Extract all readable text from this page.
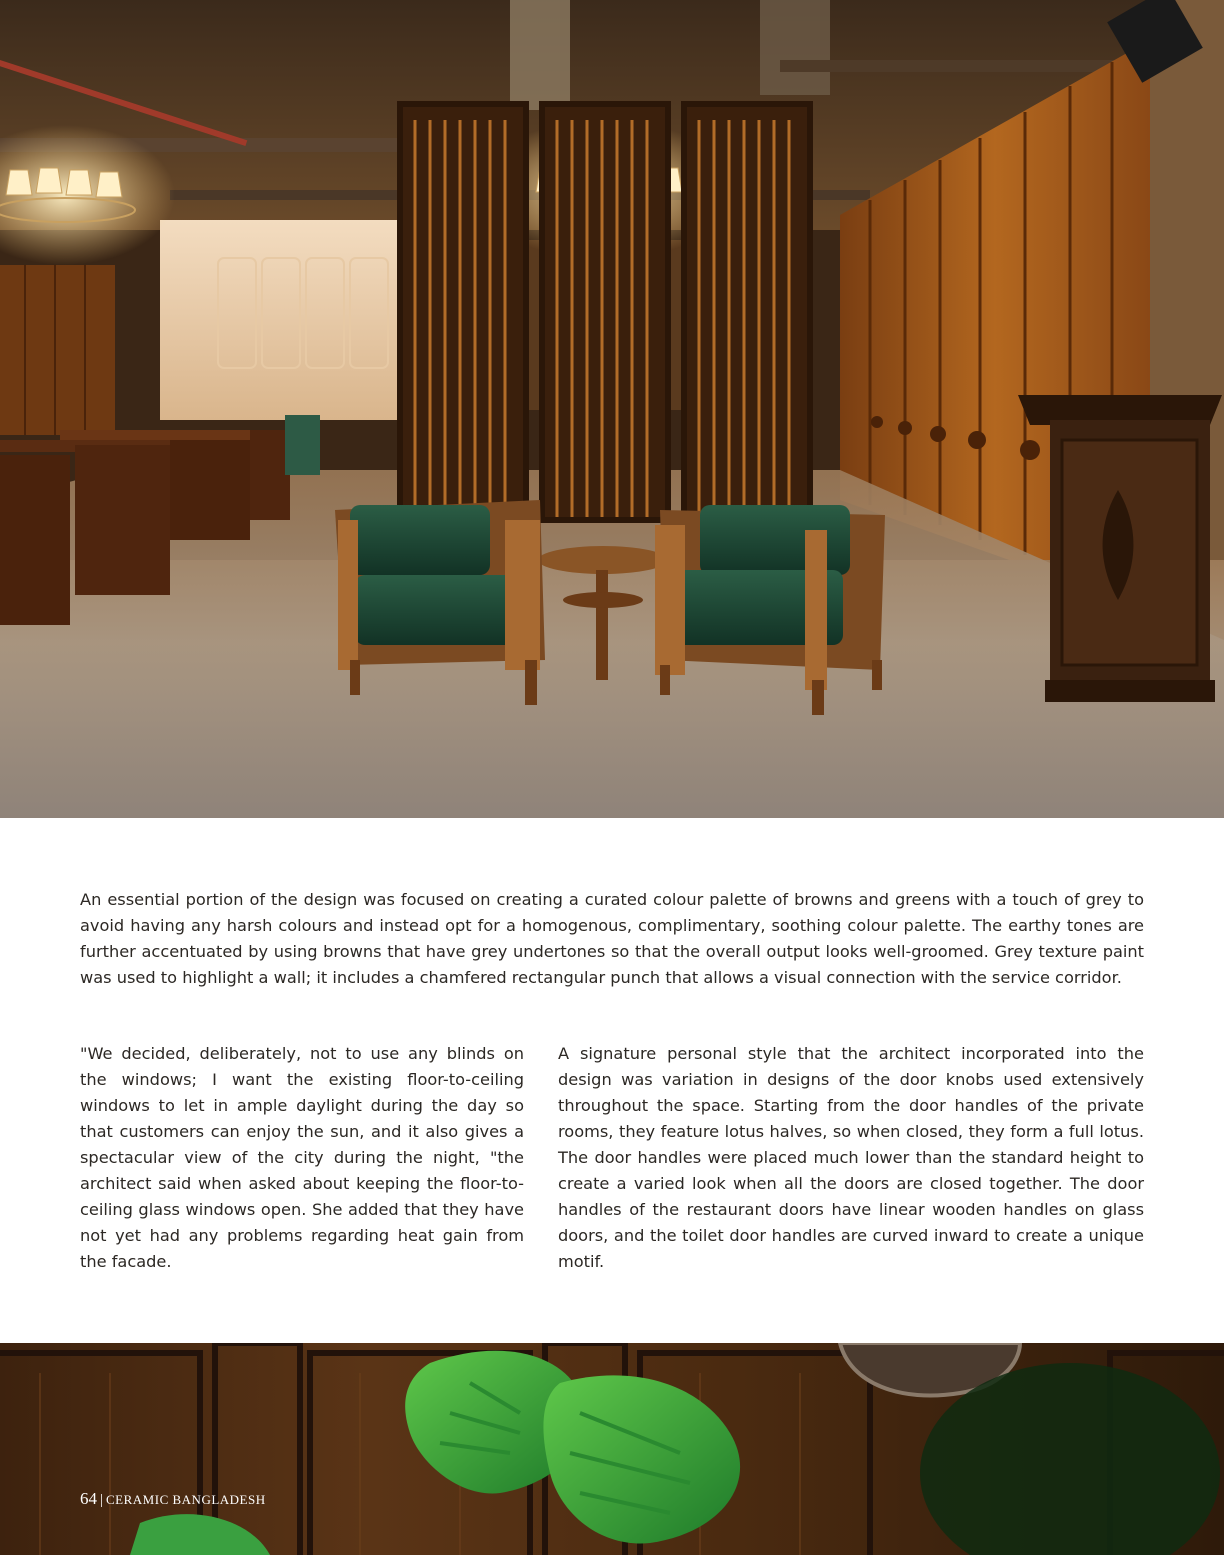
An essential portion of the design was focused on creating a curated colour palette of browns and greens with a touch of grey to avoid having any harsh colours and instead opt for a homogenous, complimentary, soothing colour palette. The earthy tones are further accentuated by using browns that have grey undertones so that the overall output looks well-groomed. Grey texture paint was used to highlight a wall; it includes a chamfered rectangular punch that allows a visual connection with the service corridor.

"We decided, deliberately, not to use any blinds on the windows; I want the existing floor-to-ceiling windows to let in ample daylight during the day so that customers can enjoy the sun, and it also gives a spectacular view of the city during the night, "the architect said when asked about keeping the floor-to-ceiling glass windows open. She added that they have not yet had any problems regarding heat gain from the facade.

A signature personal style that the architect incorporated into the design was variation in designs of the door knobs used extensively throughout the space. Starting from the door handles of the private rooms, they feature lotus halves, so when closed, they form a full lotus. The door handles were placed much lower than the standard height to create a varied look when all the doors are closed together. The door handles of the restaurant doors have linear wooden handles on glass doors, and the toilet door handles are curved inward to create a unique motif.

64 | CERAMIC BANGLADESH
